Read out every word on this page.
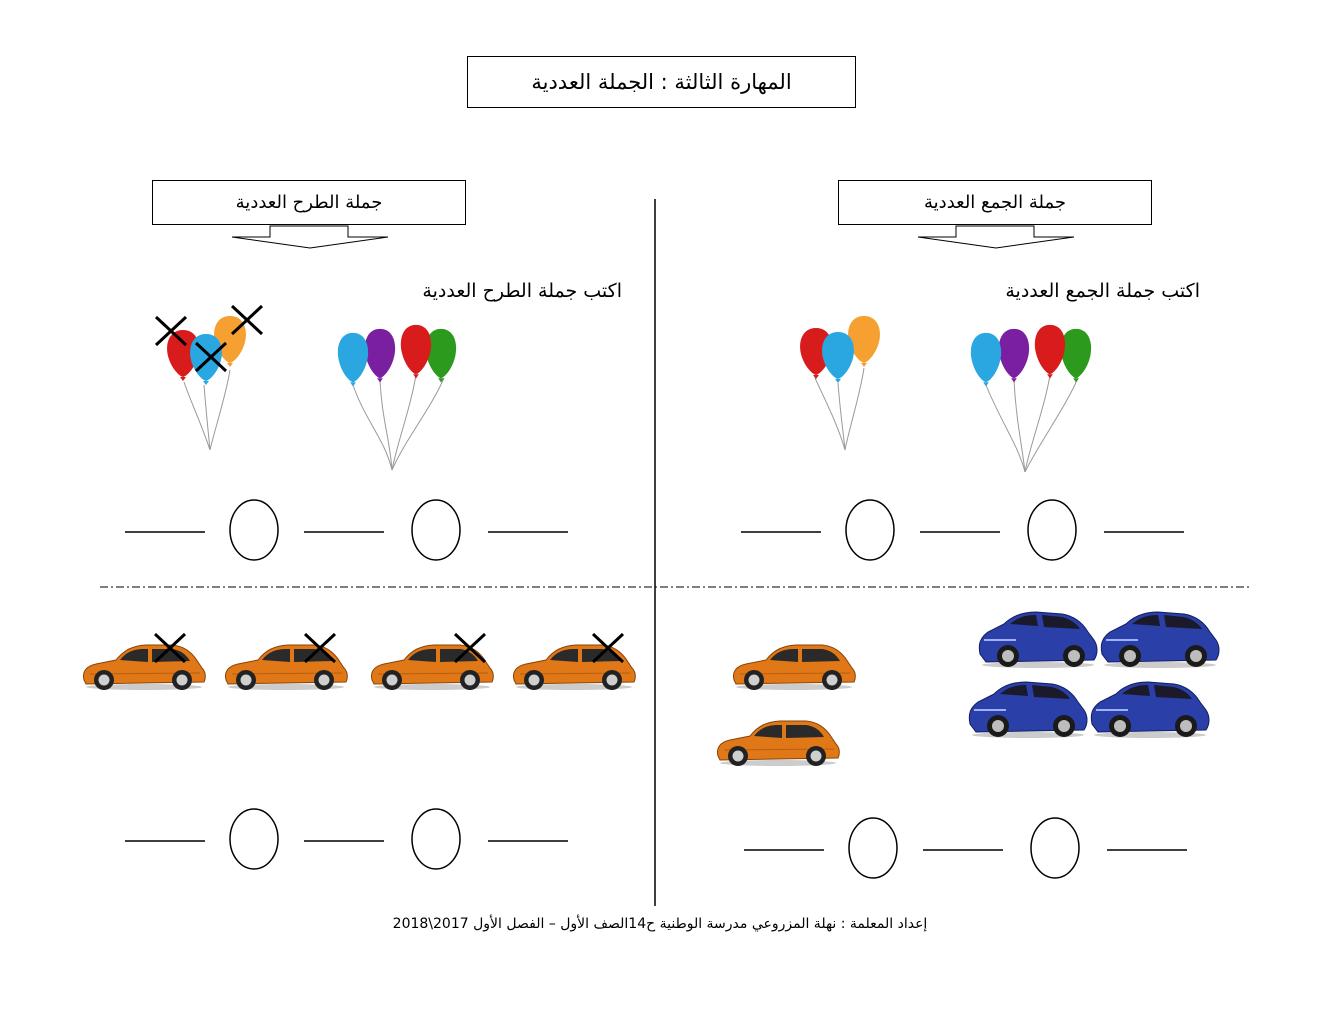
المهارة الثالثة : الجملة العددية
جملة الطرح العددية	جملة الجمع العددية
اكتب جملة الطرح العددية	اكتب جملة الجمع العددية
إعداد المعلمة : نهلة المزروعي مدرسة الوطنية ح14الصف الأول – الفصل الأول 2017\2018
